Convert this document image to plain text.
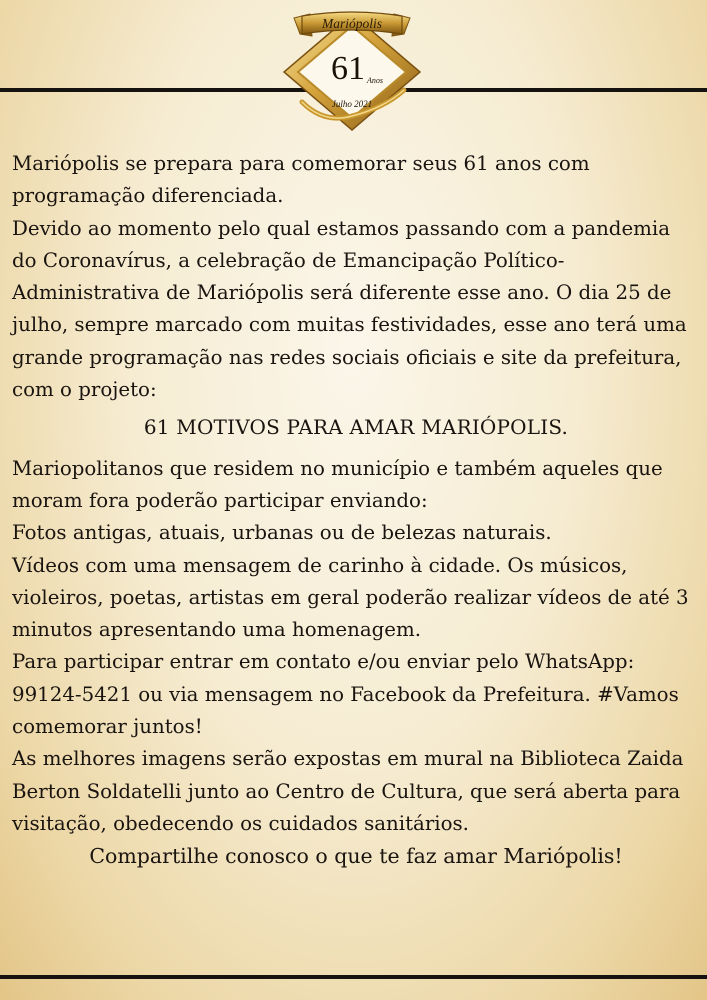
Mariópolis
61 Anos
Julho 2021

Mariópolis se prepara para comemorar seus 61 anos com programação diferenciada.

Devido ao momento pelo qual estamos passando com a pandemia do Coronavírus, a celebração de Emancipação Político-Administrativa de Mariópolis será diferente esse ano. O dia 25 de julho, sempre marcado com muitas festividades, esse ano terá uma grande programação nas redes sociais oficiais e site da prefeitura, com o projeto:

61 MOTIVOS PARA AMAR MARIÓPOLIS.

Mariopolitanos que residem no município e também aqueles que moram fora poderão participar enviando:

Fotos antigas, atuais, urbanas ou de belezas naturais.

Vídeos com uma mensagem de carinho à cidade. Os músicos, violeiros, poetas, artistas em geral poderão realizar vídeos de até 3 minutos apresentando uma homenagem.

Para participar entrar em contato e/ou enviar pelo WhatsApp: 99124-5421 ou via mensagem no Facebook da Prefeitura. #Vamos comemorar juntos!

As melhores imagens serão expostas em mural na Biblioteca Zaida Berton Soldatelli junto ao Centro de Cultura, que será aberta para visitação, obedecendo os cuidados sanitários.

Compartilhe conosco o que te faz amar Mariópolis!
